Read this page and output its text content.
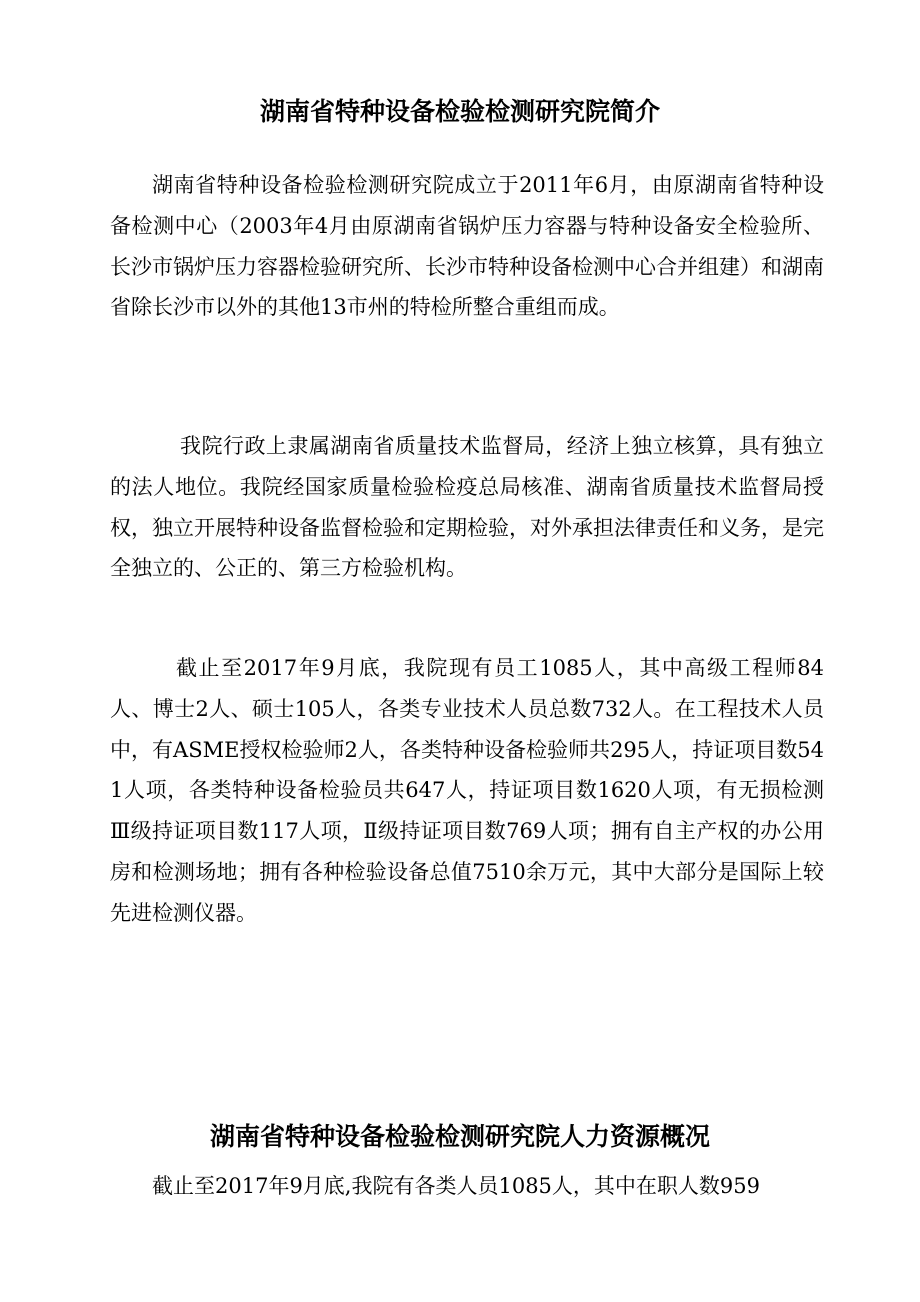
湖南省特种设备检验检测研究院简介

湖南省特种设备检验检测研究院成立于2011年6月，由原湖南省特种设备检测中心（2003年4月由原湖南省锅炉压力容器与特种设备安全检验所、长沙市锅炉压力容器检验研究所、长沙市特种设备检测中心合并组建）和湖南省除长沙市以外的其他13市州的特检所整合重组而成。

我院行政上隶属湖南省质量技术监督局，经济上独立核算，具有独立的法人地位。我院经国家质量检验检疫总局核准、湖南省质量技术监督局授权，独立开展特种设备监督检验和定期检验，对外承担法律责任和义务，是完全独立的、公正的、第三方检验机构。

截止至2017年9月底，我院现有员工1085人，其中高级工程师84人、博士2人、硕士105人，各类专业技术人员总数732人。在工程技术人员中，有ASME授权检验师2人，各类特种设备检验师共295人，持证项目数541人项，各类特种设备检验员共647人，持证项目数1620人项，有无损检测Ⅲ级持证项目数117人项，Ⅱ级持证项目数769人项；拥有自主产权的办公用房和检测场地；拥有各种检验设备总值7510余万元，其中大部分是国际上较先进检测仪器。

湖南省特种设备检验检测研究院人力资源概况

截止至2017年9月底,我院有各类人员1085人，其中在职人数959
